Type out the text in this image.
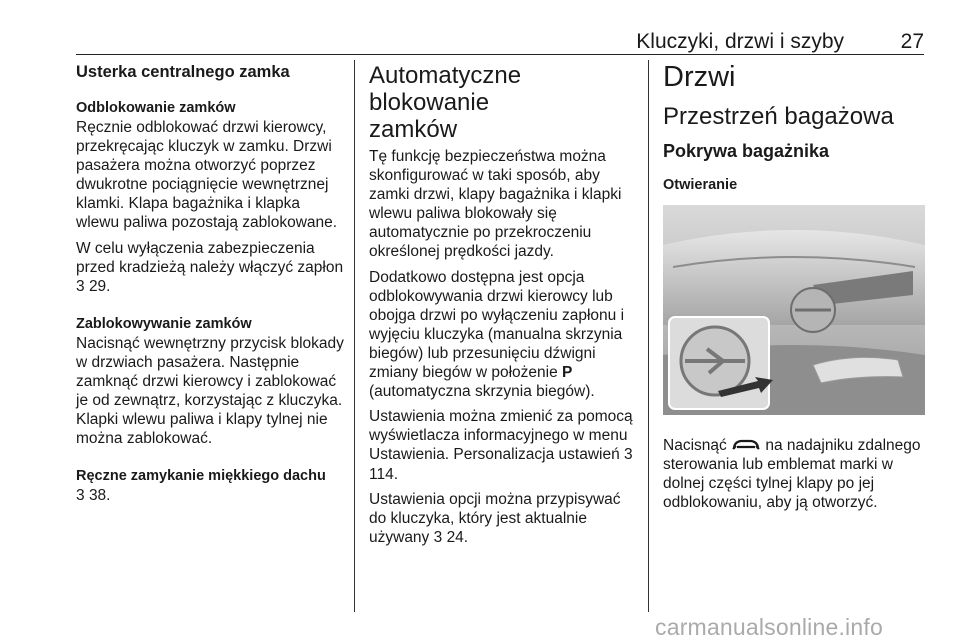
Kluczyki, drzwi i szyby	27
Usterka centralnego zamka
Odblokowanie zamków

Ręcznie odblokować drzwi kierowcy, przekręcając kluczyk w zamku. Drzwi pasażera można otworzyć poprzez dwukrotne pociągnięcie wewnętrznej klamki. Klapa bagażnika i klapka wlewu paliwa pozostają zablokowane.

W celu wyłączenia zabezpieczenia przed kradzieżą należy włączyć zapłon 3 29.

Zablokowywanie zamków

Nacisnąć wewnętrzny przycisk blokady w drzwiach pasażera. Następnie zamknąć drzwi kierowcy i zablokować je od zewnątrz, korzystając z kluczyka. Klapki wlewu paliwa i klapy tylnej nie można zablokować.

Ręczne zamykanie miękkiego dachu

3 38.

Automatyczne blokowanie
zamków

Tę funkcję bezpieczeństwa można skonfigurować w taki sposób, aby zamki drzwi, klapy bagażnika i klapki wlewu paliwa blokowały się automatycznie po przekroczeniu określonej prędkości jazdy.

Dodatkowo dostępna jest opcja odblokowywania drzwi kierowcy lub obojga drzwi po wyłączeniu zapłonu i wyjęciu kluczyka (manualna skrzynia biegów) lub przesunięciu dźwigni zmiany biegów w położenie P (automatyczna skrzynia biegów).

Ustawienia można zmienić za pomocą wyświetlacza informacyjnego w menu Ustawienia. Personalizacja ustawień 3 114.

Ustawienia opcji można przypisywać do kluczyka, który jest aktualnie używany 3 24.

Drzwi
Przestrzeń bagażowa
Pokrywa bagażnika
Otwieranie

Nacisnąć na nadajniku zdalnego sterowania lub emblemat marki w dolnej części tylnej klapy po jej odblokowaniu, aby ją otworzyć.

carmanualsonline.info
